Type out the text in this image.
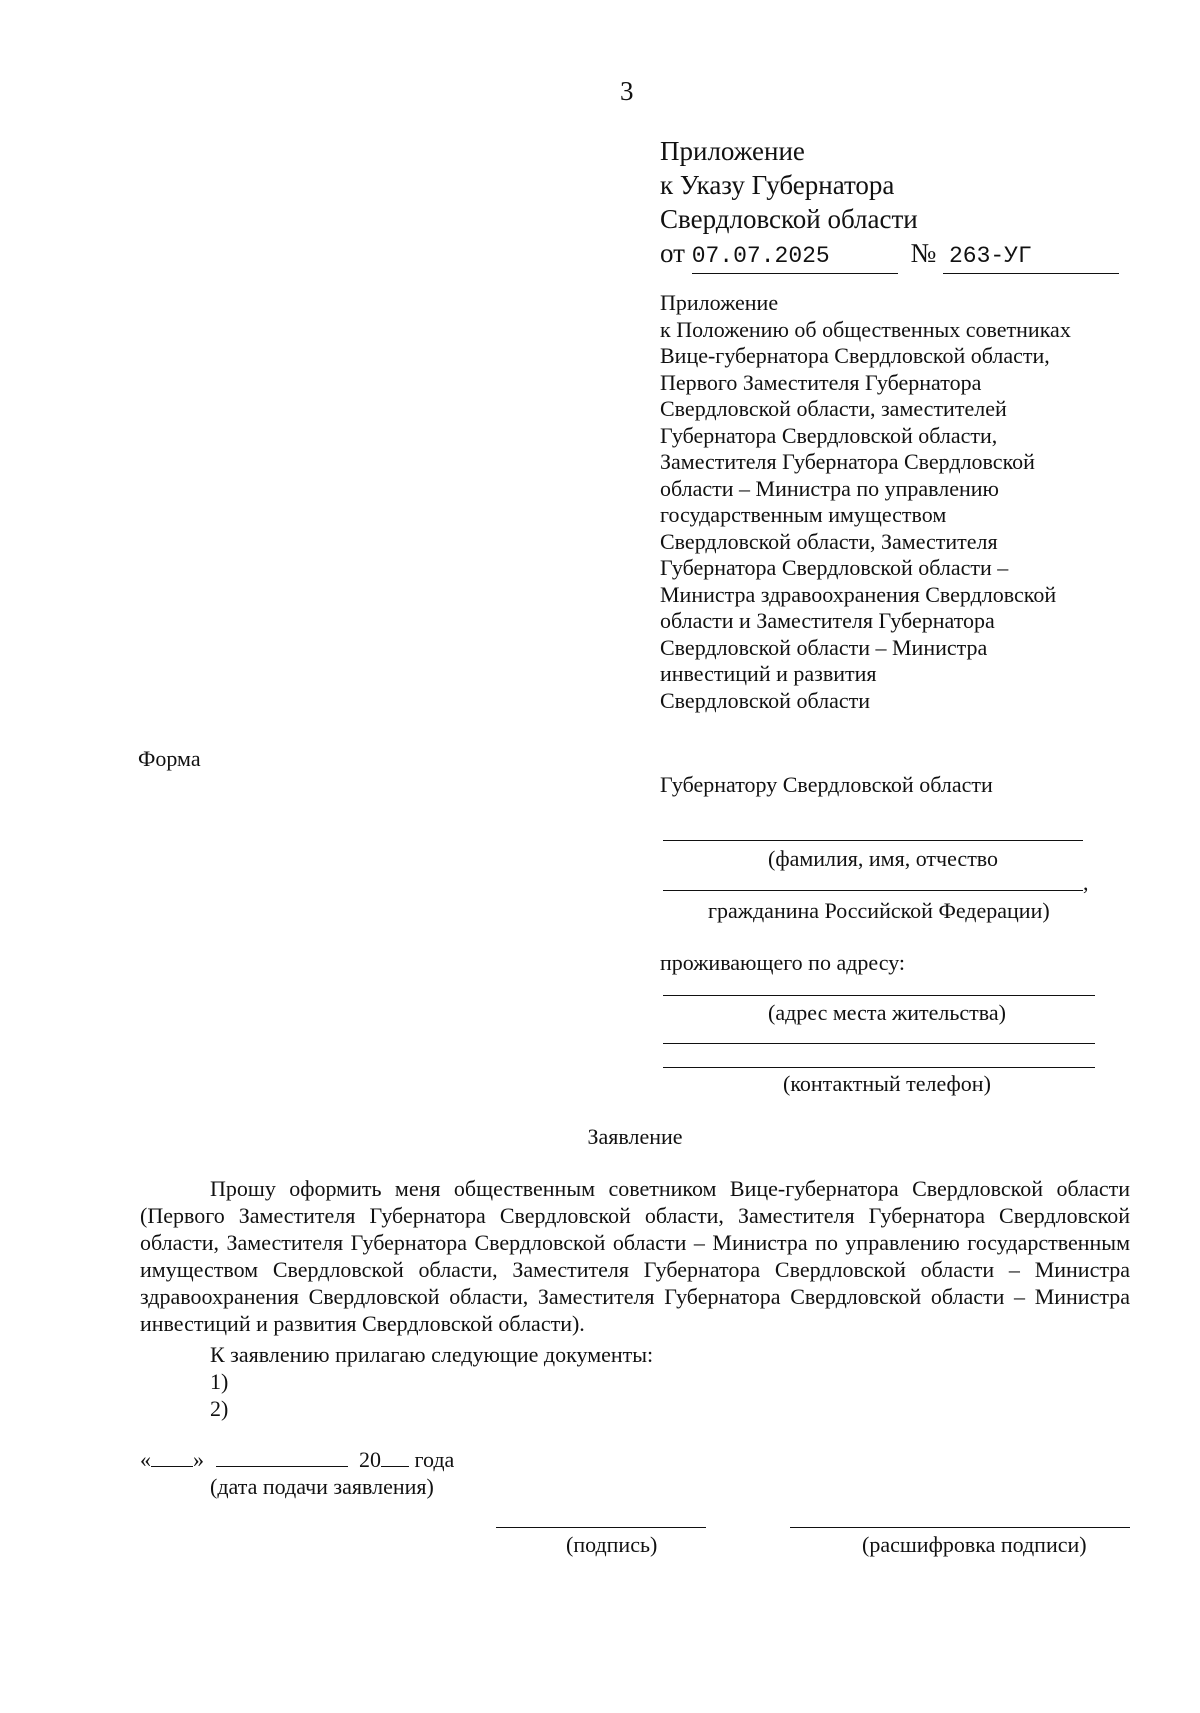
3
Приложение
к Указу Губернатора
Свердловской области
от 07.07.2025	№ 263-УГ
Приложение
к Положению об общественных советниках
Вице-губернатора Свердловской области,
Первого Заместителя Губернатора
Свердловской области, заместителей
Губернатора Свердловской области,
Заместителя Губернатора Свердловской
области – Министра по управлению
государственным имуществом
Свердловской области, Заместителя
Губернатора Свердловской области –
Министра здравоохранения Свердловской
области и Заместителя Губернатора
Свердловской области – Министра
инвестиций и развития
Свердловской области
Форма
Губернатору Свердловской области
(фамилия, имя, отчество
,
гражданина Российской Федерации)
проживающего по адресу:
(адрес места жительства)
(контактный телефон)
Заявление

Прошу оформить меня общественным советником Вице-губернатора Свердловской области (Первого Заместителя Губернатора Свердловской области, Заместителя Губернатора Свердловской области, Заместителя Губернатора Свердловской области – Министра по управлению государственным имуществом Свердловской области, Заместителя Губернатора Свердловской области – Министра здравоохранения Свердловской области, Заместителя Губернатора Свердловской области – Министра инвестиций и развития Свердловской области).

К заявлению прилагаю следующие документы:
1)
2)
« »	20 года
(дата подачи заявления)
(подпись)	(расшифровка подписи)
